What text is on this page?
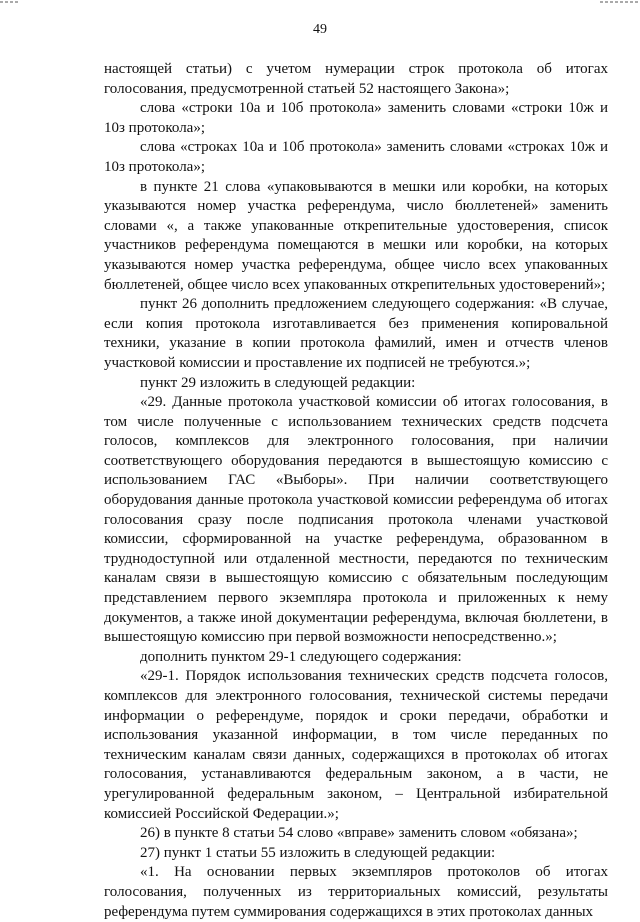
49

настоящей статьи) с учетом нумерации строк протокола об итогах голосования, предусмотренной статьей 52 настоящего Закона»;

слова «строки 10а и 10б протокола» заменить словами «строки 10ж и 10з протокола»;

слова «строках 10а и 10б протокола» заменить словами «строках 10ж и 10з протокола»;

в пункте 21 слова «упаковываются в мешки или коробки, на которых указываются номер участка референдума, число бюллетеней» заменить словами «, а также упакованные открепительные удостоверения, список участников референдума помещаются в мешки или коробки, на которых указываются номер участка референдума, общее число всех упакованных бюллетеней, общее число всех упакованных открепительных удостоверений»;

пункт 26 дополнить предложением следующего содержания: «В случае, если копия протокола изготавливается без применения копировальной техники, указание в копии протокола фамилий, имен и отчеств членов участковой комиссии и проставление их подписей не требуются.»;

пункт 29 изложить в следующей редакции:

«29. Данные протокола участковой комиссии об итогах голосования, в том числе полученные с использованием технических средств подсчета голосов, комплексов для электронного голосования, при наличии соответствующего оборудования передаются в вышестоящую комиссию с использованием ГАС «Выборы». При наличии соответствующего оборудования данные протокола участковой комиссии референдума об итогах голосования сразу после подписания протокола членами участковой комиссии, сформированной на участке референдума, образованном в труднодоступной или отдаленной местности, передаются по техническим каналам связи в вышестоящую комиссию с обязательным последующим представлением первого экземпляра протокола и приложенных к нему документов, а также иной документации референдума, включая бюллетени, в вышестоящую комиссию при первой возможности непосредственно.»;

дополнить пунктом 29-1 следующего содержания:

«29-1. Порядок использования технических средств подсчета голосов, комплексов для электронного голосования, технической системы передачи информации о референдуме, порядок и сроки передачи, обработки и использования указанной информации, в том числе переданных по техническим каналам связи данных, содержащихся в протоколах об итогах голосования, устанавливаются федеральным законом, а в части, не урегулированной федеральным законом, – Центральной избирательной комиссией Российской Федерации.»;

26) в пункте 8 статьи 54 слово «вправе» заменить словом «обязана»;

27) пункт 1 статьи 55 изложить в следующей редакции:

«1. На основании первых экземпляров протоколов об итогах голосования, полученных из территориальных комиссий, результаты референдума путем суммирования содержащихся в этих протоколах данных
